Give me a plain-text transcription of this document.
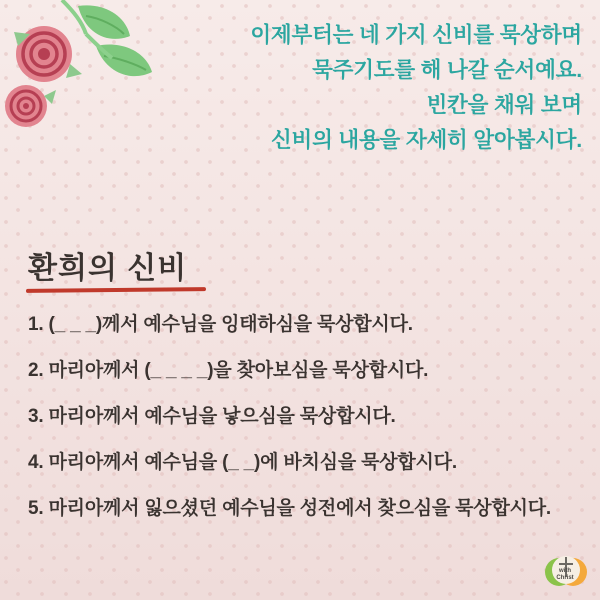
이제부터는 네 가지 신비를 묵상하며
묵주기도를 해 나갈 순서예요.
빈칸을 채워 보며
신비의 내용을 자세히 알아봅시다.
환희의 신비
1. (_ _ _)께서 예수님을 잉태하심을 묵상합시다.
2. 마리아께서 (_ _ _ _)을 찾아보심을 묵상합시다.
3. 마리아께서 예수님을 낳으심을 묵상합시다.
4. 마리아께서 예수님을 (_ _)에 바치심을 묵상합시다.
5. 마리아께서 잃으셨던 예수님을 성전에서 찾으심을 묵상합시다.
with
Christ
